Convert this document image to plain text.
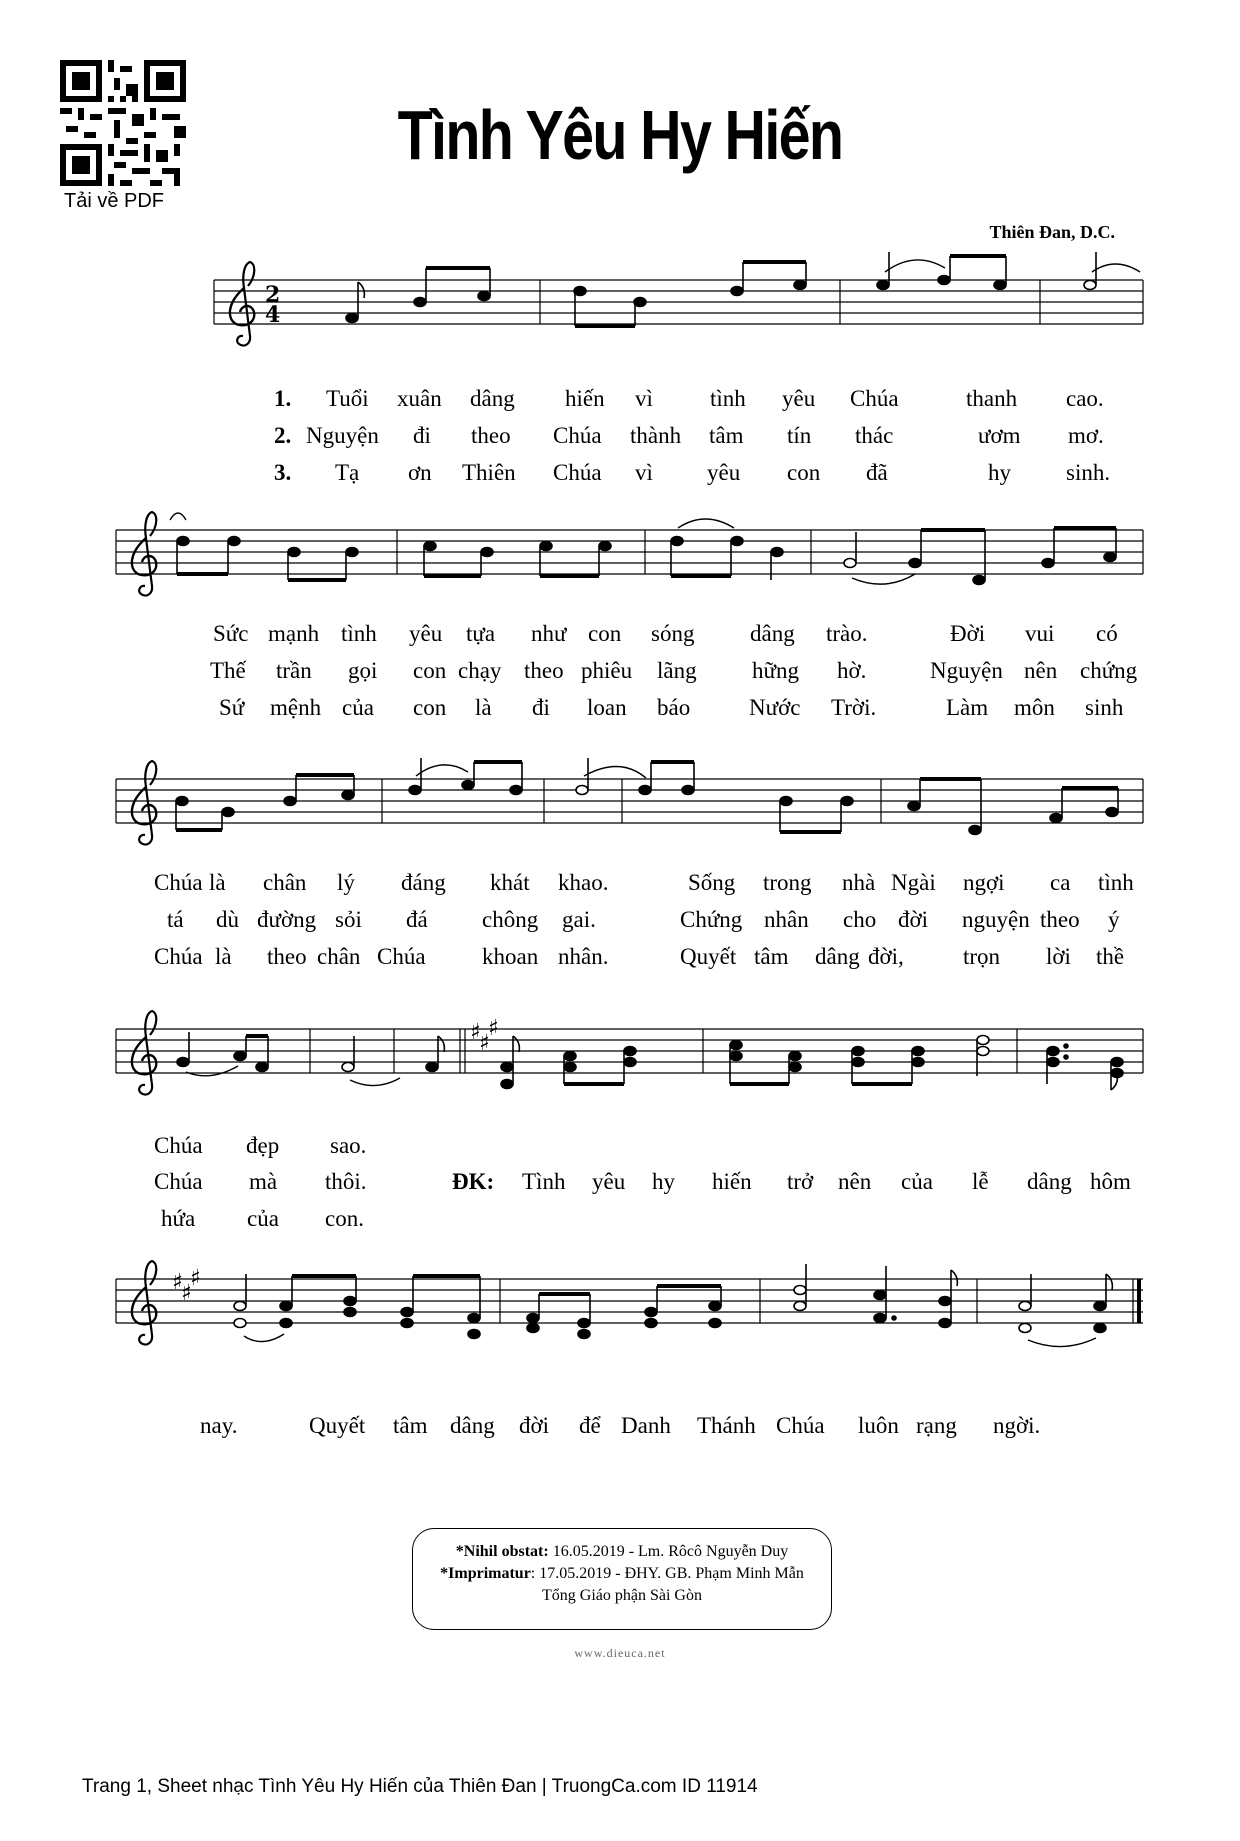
Tải về PDF
Tình Yêu Hy Hiến
Thiên Đan, D.C.
2
4
1. Tuổi xuân dâng hiến vì tình yêu Chúa	thanh cao.
2. Nguyện đi theo Chúa thành tâm tín thác	ươm mơ.
3. Tạ ơn Thiên Chúa vì yêu con đã	hy sinh.
Sức mạnh tình yêu tựa như con sóng dâng trào.	Đời vui có
Thế trần gọi con chạy theo phiêu lãng hững hờ.	Nguyện nên chứng
Sứ mệnh của con là đi loan báo	Nước Trời.	Làm môn sinh
Chúa là chân lý đáng khát khao.	Sống trong nhà Ngài ngợi ca tình
tá dù đường sỏi đá chông gai.	Chứng nhân cho đời nguyện theo ý
Chúa là theo chân Chúa khoan nhân.	Quyết tâm dâng đời,	trọn lời thề
Chúa đẹp sao.
Chúa mà thôi.	ĐK: Tình yêu hy hiến trở nên của lễ dâng hôm
hứa của con.
nay.	Quyết tâm dâng đời để Danh Thánh Chúa luôn rạng ngời.
*Nihil obstat: 16.05.2019 - Lm. Rôcô Nguyễn Duy
*Imprimatur: 17.05.2019 - ĐHY. GB. Phạm Minh Mẫn
Tổng Giáo phận Sài Gòn
www.dieuca.net
Trang 1, Sheet nhạc Tình Yêu Hy Hiến của Thiên Đan | TruongCa.com ID 11914
